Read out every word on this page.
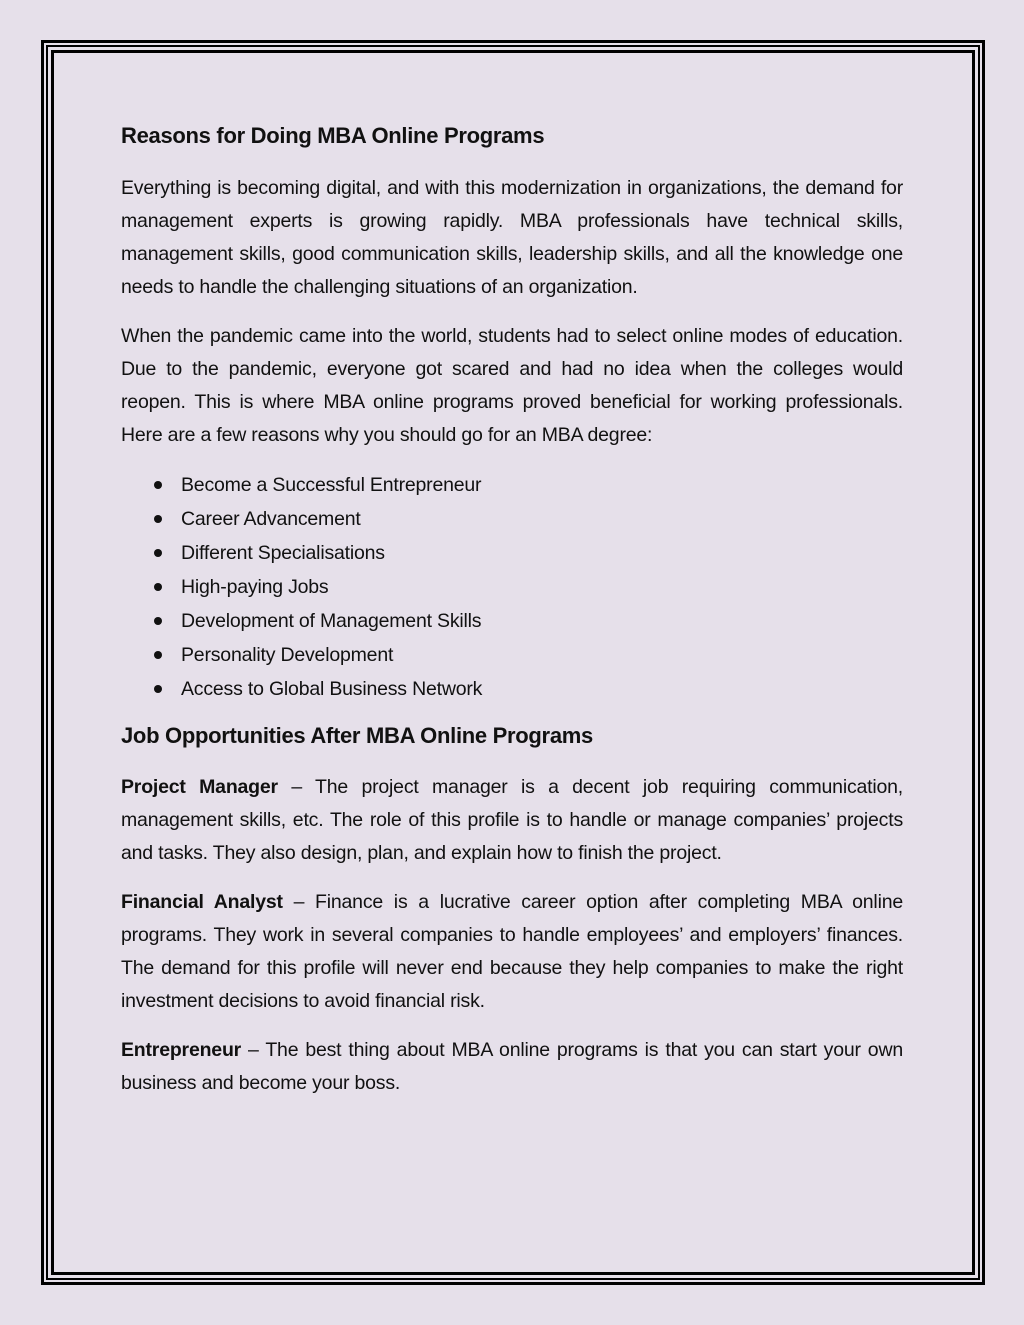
Reasons for Doing MBA Online Programs

Everything is becoming digital, and with this modernization in organizations, the demand for management experts is growing rapidly. MBA professionals have technical skills, management skills, good communication skills, leadership skills, and all the knowledge one needs to handle the challenging situations of an organization.

When the pandemic came into the world, students had to select online modes of education. Due to the pandemic, everyone got scared and had no idea when the colleges would reopen. This is where MBA online programs proved beneficial for working professionals. Here are a few reasons why you should go for an MBA degree:

Become a Successful Entrepreneur
Career Advancement
Different Specialisations
High-paying Jobs
Development of Management Skills
Personality Development
Access to Global Business Network
Job Opportunities After MBA Online Programs

Project Manager – The project manager is a decent job requiring communication, management skills, etc. The role of this profile is to handle or manage companies’ projects and tasks. They also design, plan, and explain how to finish the project.

Financial Analyst – Finance is a lucrative career option after completing MBA online programs. They work in several companies to handle employees’ and employers’ finances. The demand for this profile will never end because they help companies to make the right investment decisions to avoid financial risk.

Entrepreneur – The best thing about MBA online programs is that you can start your own business and become your boss.
